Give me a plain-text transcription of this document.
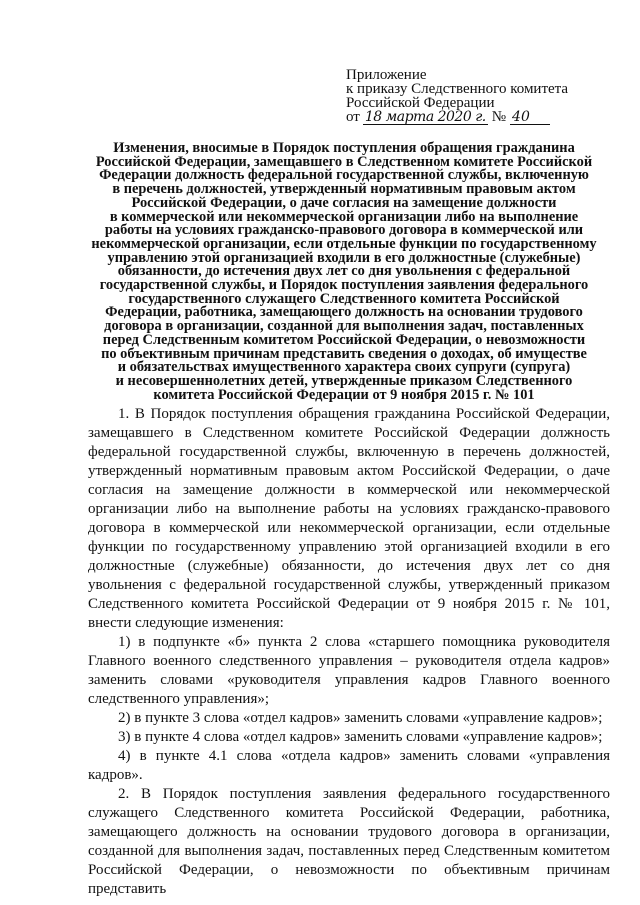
Приложение
к приказу Следственного комитета
Российской Федерации
от 18 марта 2020 г. № 40
Изменения, вносимые в Порядок поступления обращения гражданина
Российской Федерации, замещавшего в Следственном комитете Российской
Федерации должность федеральной государственной службы, включенную
в перечень должностей, утвержденный нормативным правовым актом
Российской Федерации, о даче согласия на замещение должности
в коммерческой или некоммерческой организации либо на выполнение
работы на условиях гражданско-правового договора в коммерческой или
некоммерческой организации, если отдельные функции по государственному
управлению этой организацией входили в его должностные (служебные)
обязанности, до истечения двух лет со дня увольнения с федеральной
государственной службы, и Порядок поступления заявления федерального
государственного служащего Следственного комитета Российской
Федерации, работника, замещающего должность на основании трудового
договора в организации, созданной для выполнения задач, поставленных
перед Следственным комитетом Российской Федерации, о невозможности
по объективным причинам представить сведения о доходах, об имуществе
и обязательствах имущественного характера своих супруги (супруга)
и несовершеннолетних детей, утвержденные приказом Следственного
комитета Российской Федерации от 9 ноября 2015 г. № 101

1. В Порядок поступления обращения гражданина Российской Федерации, замещавшего в Следственном комитете Российской Федерации должность федеральной государственной службы, включенную в перечень должностей, утвержденный нормативным правовым актом Российской Федерации, о даче согласия на замещение должности в коммерческой или некоммерческой организации либо на выполнение работы на условиях гражданско-правового договора в коммерческой или некоммерческой организации, если отдельные функции по государственному управлению этой организацией входили в его должностные (служебные) обязанности, до истечения двух лет со дня увольнения с федеральной государственной службы, утвержденный приказом Следственного комитета Российской Федерации от 9 ноября 2015 г. № 101, внести следующие изменения:

1) в подпункте «б» пункта 2 слова «старшего помощника руководителя Главного военного следственного управления – руководителя отдела кадров» заменить словами «руководителя управления кадров Главного военного следственного управления»;

2) в пункте 3 слова «отдел кадров» заменить словами «управление кадров»;

3) в пункте 4 слова «отдел кадров» заменить словами «управление кадров»;

4) в пункте 4.1 слова «отдела кадров» заменить словами «управления кадров».

2. В Порядок поступления заявления федерального государственного служащего Следственного комитета Российской Федерации, работника, замещающего должность на основании трудового договора в организации, созданной для выполнения задач, поставленных перед Следственным комитетом Российской Федерации, о невозможности по объективным причинам представить
